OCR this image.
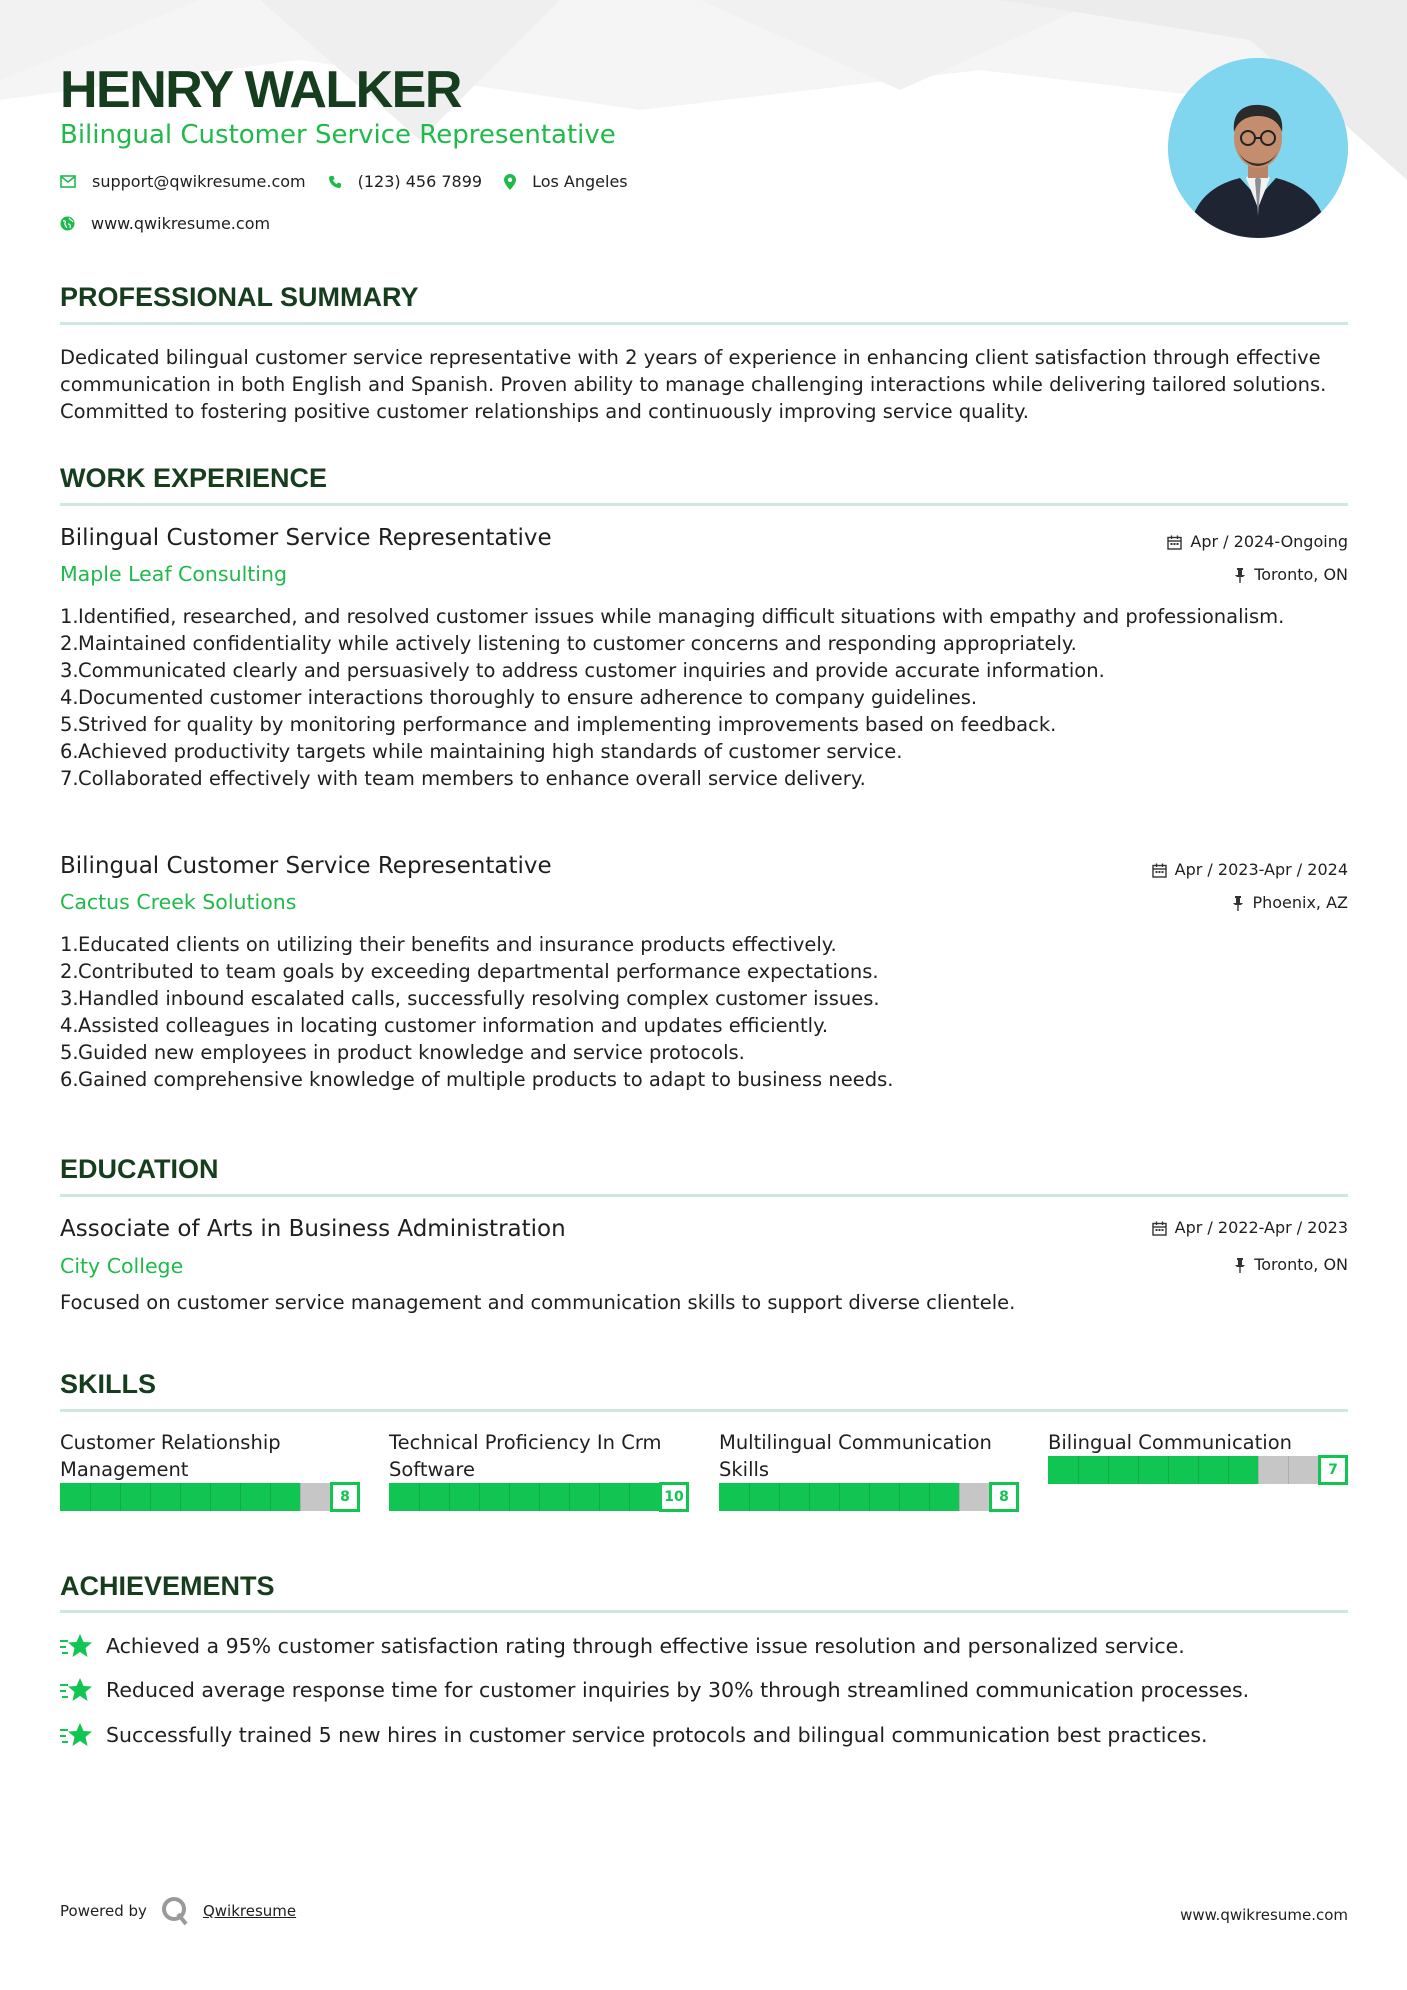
HENRY WALKER
Bilingual Customer Service Representative
support@qwikresume.com	(123) 456 7899	Los Angeles
www.qwikresume.com
PROFESSIONAL SUMMARY
Dedicated bilingual customer service representative with 2 years of experience in enhancing client satisfaction through effective communication in both English and Spanish. Proven ability to manage challenging interactions while delivering tailored solutions. Committed to fostering positive customer relationships and continuously improving service quality.
WORK EXPERIENCE
Bilingual Customer Service Representative	Apr / 2024-Ongoing
Maple Leaf Consulting	Toronto, ON
1. Identified, researched, and resolved customer issues while managing difficult situations with empathy and professionalism.
2. Maintained confidentiality while actively listening to customer concerns and responding appropriately.
3. Communicated clearly and persuasively to address customer inquiries and provide accurate information.
4. Documented customer interactions thoroughly to ensure adherence to company guidelines.
5. Strived for quality by monitoring performance and implementing improvements based on feedback.
6. Achieved productivity targets while maintaining high standards of customer service.
7. Collaborated effectively with team members to enhance overall service delivery.
Bilingual Customer Service Representative	Apr / 2023-Apr / 2024
Cactus Creek Solutions	Phoenix, AZ
1. Educated clients on utilizing their benefits and insurance products effectively.
2. Contributed to team goals by exceeding departmental performance expectations.
3. Handled inbound escalated calls, successfully resolving complex customer issues.
4. Assisted colleagues in locating customer information and updates efficiently.
5. Guided new employees in product knowledge and service protocols.
6. Gained comprehensive knowledge of multiple products to adapt to business needs.
EDUCATION
Associate of Arts in Business Administration	Apr / 2022-Apr / 2023
City College	Toronto, ON
Focused on customer service management and communication skills to support diverse clientele.
SKILLS
Customer Relationship
Management
8
Technical Proficiency In Crm
Software
10
Multilingual Communication
Skills
8
Bilingual Communication
7
ACHIEVEMENTS
Achieved a 95% customer satisfaction rating through effective issue resolution and personalized service.
Reduced average response time for customer inquiries by 30% through streamlined communication processes.
Successfully trained 5 new hires in customer service protocols and bilingual communication best practices.
Powered by	Qwikresume	www.qwikresume.com
